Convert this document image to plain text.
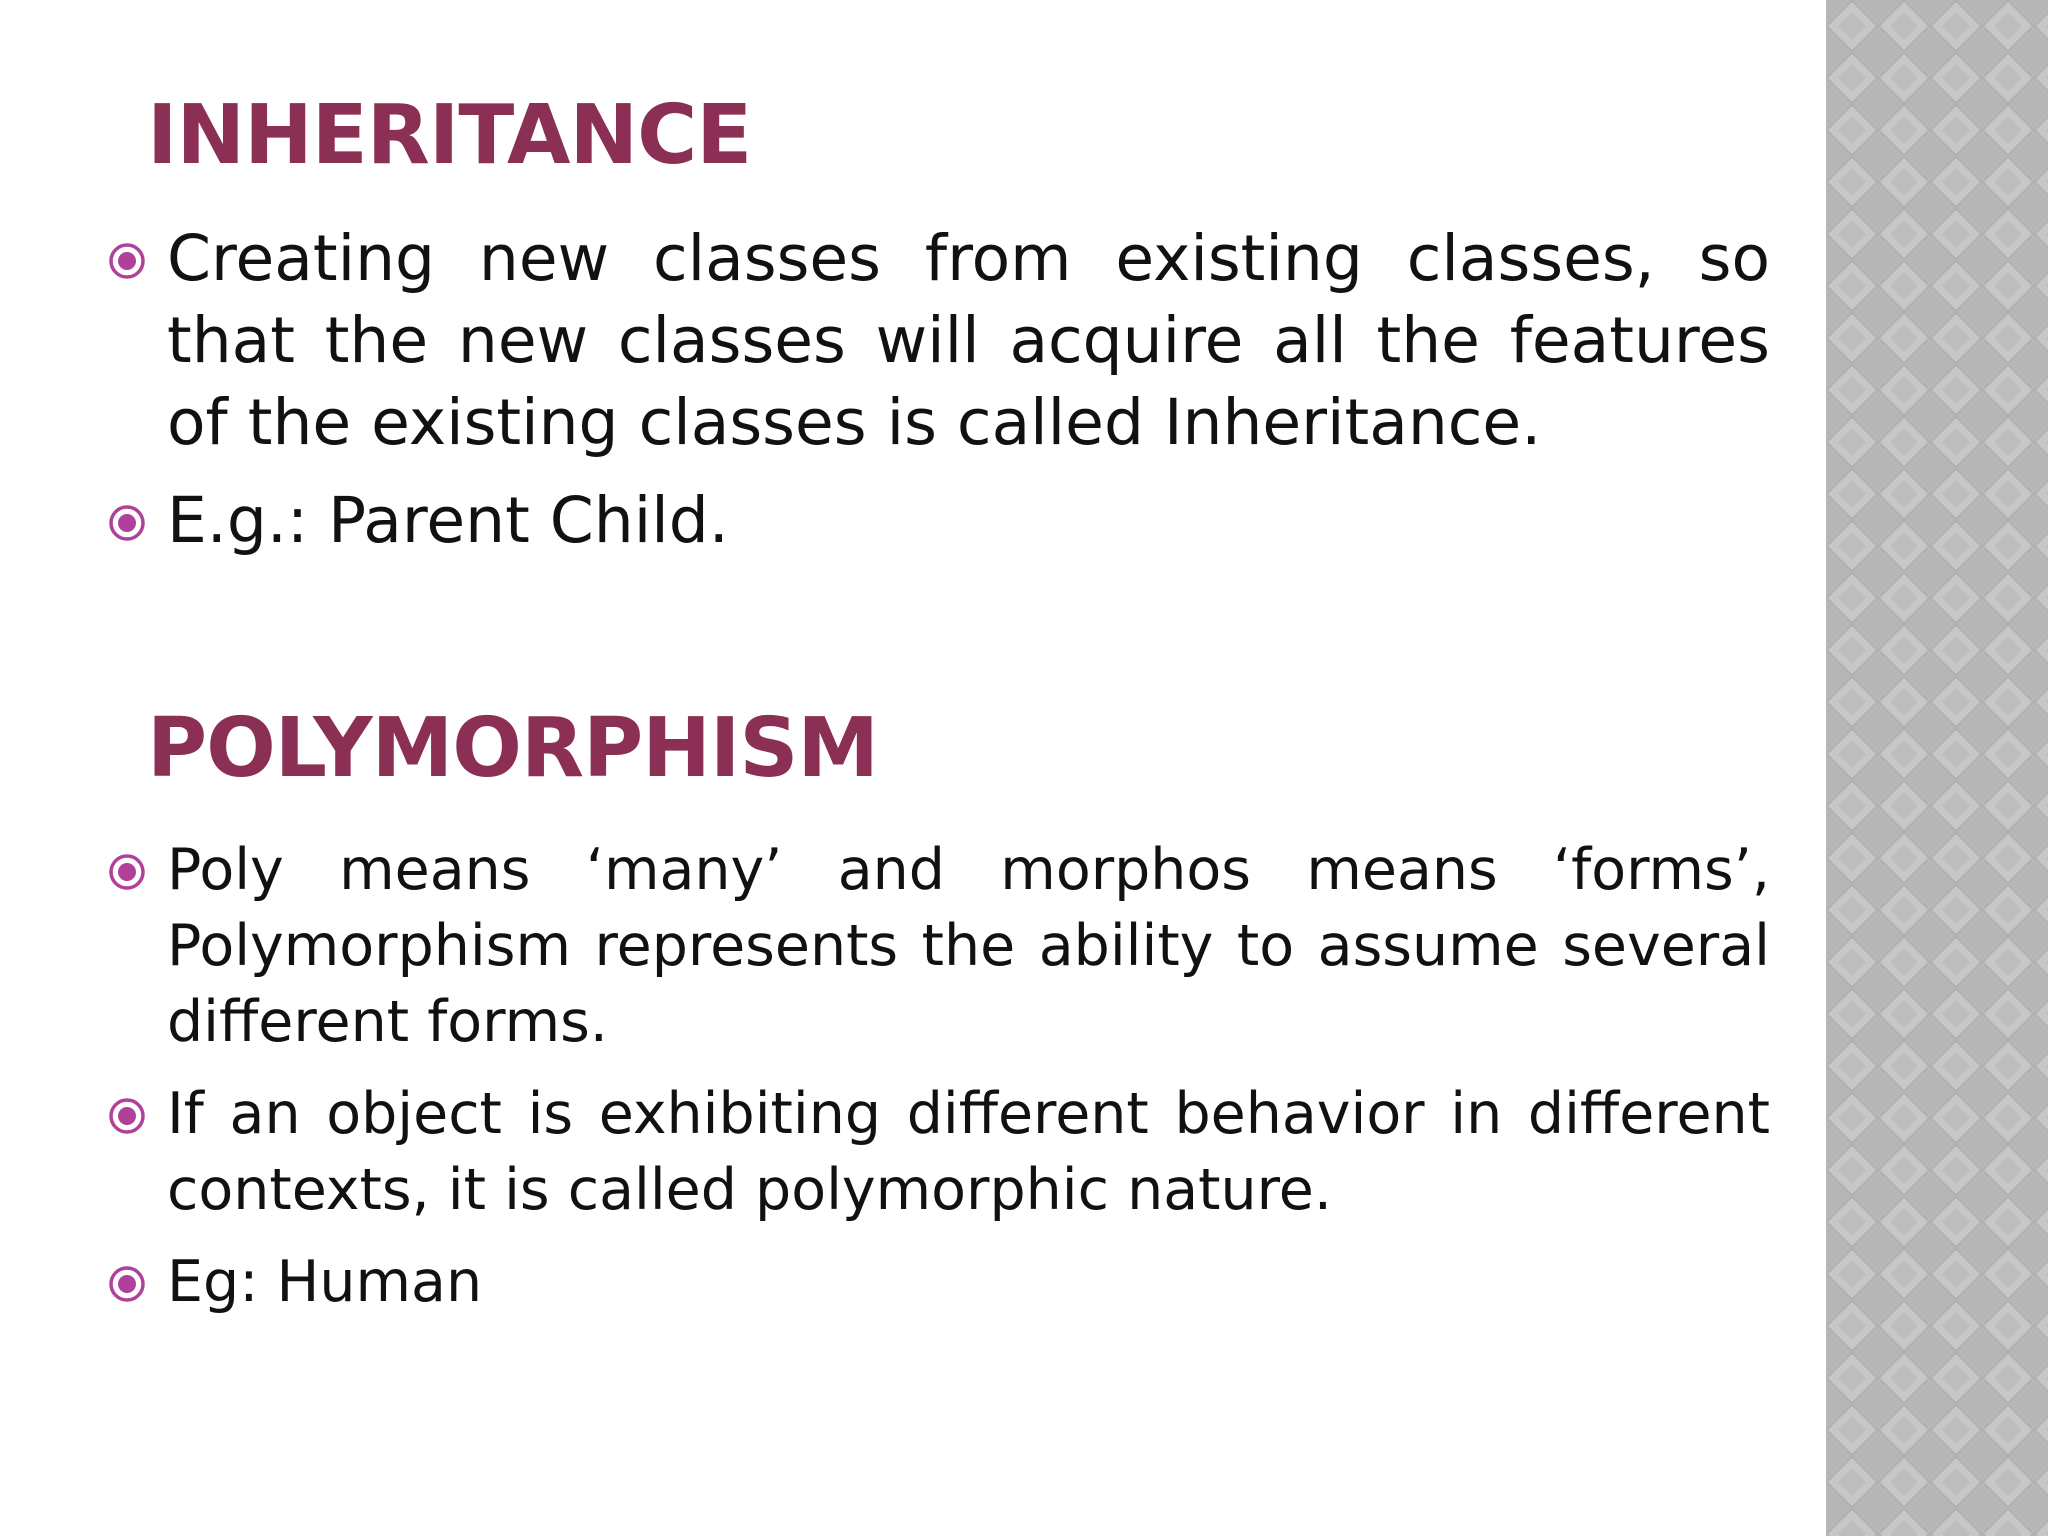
INHERITANCE
Creating new classes from existing classes, so that the new classes will acquire all the features of the existing classes is called Inheritance.
E.g.: Parent Child.
POLYMORPHISM
Poly means ‘many’ and morphos means ‘forms’, Polymorphism represents the ability to assume several different forms.
If an object is exhibiting different behavior in different contexts, it is called polymorphic nature.
Eg: Human
